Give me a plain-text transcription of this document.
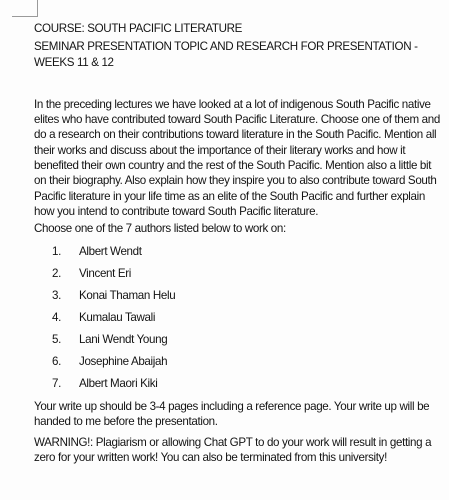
COURSE: SOUTH PACIFIC LITERATURE
SEMINAR PRESENTATION TOPIC AND RESEARCH FOR PRESENTATION - WEEKS 11 & 12
In the preceding lectures we have looked at a lot of indigenous South Pacific native elites who have contributed toward South Pacific Literature. Choose one of them and do a research on their contributions toward literature in the South Pacific. Mention all their works and discuss about the importance of their literary works and how it benefited their own country and the rest of the South Pacific. Mention also a little bit on their biography. Also explain how they inspire you to also contribute toward South Pacific literature in your life time as an elite of the South Pacific and further explain how you intend to contribute toward South Pacific literature.
Choose one of the 7 authors listed below to work on:
1.	Albert Wendt
2.	Vincent Eri
3.	Konai Thaman Helu
4.	Kumalau Tawali
5.	Lani Wendt Young
6.	Josephine Abaijah
7.	Albert Maori Kiki
Your write up should be 3-4 pages including a reference page. Your write up will be handed to me before the presentation.
WARNING!: Plagiarism or allowing Chat GPT to do your work will result in getting a zero for your written work! You can also be terminated from this university!
